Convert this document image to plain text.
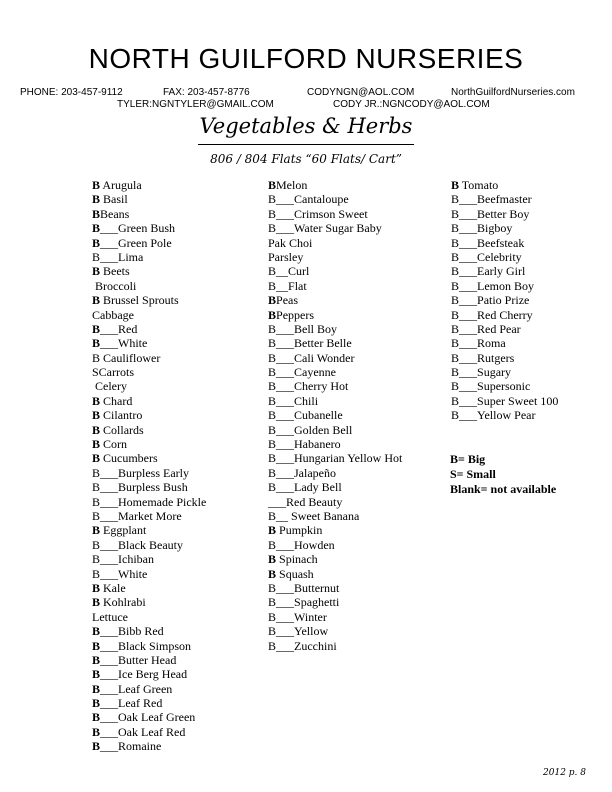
NORTH GUILFORD NURSERIES
PHONE: 203-457-9112	FAX: 203-457-8776	CODYNGN@AOL.COM	NorthGuilfordNurseries.com
TYLER:NGNTYLER@GMAIL.COM	CODY JR.:NGNCODY@AOL.COM
Vegetables & Herbs
806 / 804 Flats “60 Flats/ Cart”
B Arugula
B Basil
BBeans
B___Green Bush
B___Green Pole
B___Lima
B Beets
Broccoli
B Brussel Sprouts
Cabbage
B___Red
B___White
B Cauliflower
SCarrots
Celery
B Chard
B Cilantro
B Collards
B Corn
B Cucumbers
B___Burpless Early
B___Burpless Bush
B___Homemade Pickle
B___Market More
B Eggplant
B___Black Beauty
B___Ichiban
B___White
B Kale
B Kohlrabi
Lettuce
B___Bibb Red
B___Black Simpson
B___Butter Head
B___Ice Berg Head
B___Leaf Green
B___Leaf Red
B___Oak Leaf Green
B___Oak Leaf Red
B___Romaine
BMelon
B___Cantaloupe
B___Crimson Sweet
B___Water Sugar Baby
Pak Choi
Parsley
B__Curl
B__Flat
BPeas
BPeppers
B___Bell Boy
B___Better Belle
B___Cali Wonder
B___Cayenne
B___Cherry Hot
B___Chili
B___Cubanelle
B___Golden Bell
B___Habanero
B___Hungarian Yellow Hot
B___Jalapeño
B___Lady Bell
___Red Beauty
B__ Sweet Banana
B Pumpkin
B___Howden
B Spinach
B Squash
B___Butternut
B___Spaghetti
B___Winter
B___Yellow
B___Zucchini
B Tomato
B___Beefmaster
B___Better Boy
B___Bigboy
B___Beefsteak
B___Celebrity
B___Early Girl
B___Lemon Boy
B___Patio Prize
B___Red Cherry
B___Red Pear
B___Roma
B___Rutgers
B___Sugary
B___Supersonic
B___Super Sweet 100
B___Yellow Pear
B= Big
S= Small
Blank= not available
2012 p. 8
